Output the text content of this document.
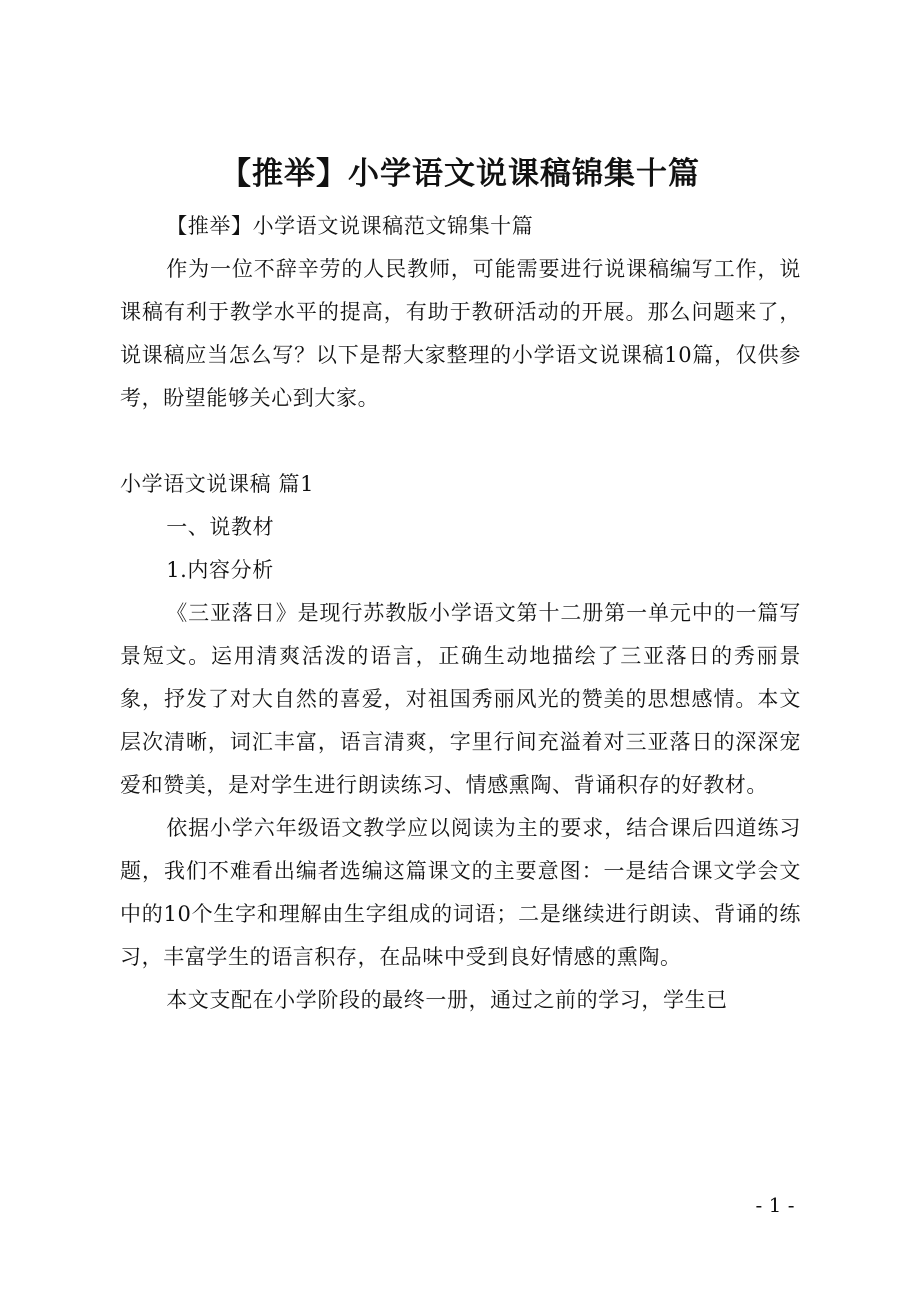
【推举】小学语文说课稿锦集十篇

【推举】小学语文说课稿范文锦集十篇

作为一位不辞辛劳的人民教师，可能需要进行说课稿编写工作，说课稿有利于教学水平的提高，有助于教研活动的开展。那么问题来了，说课稿应当怎么写？以下是帮大家整理的小学语文说课稿10篇，仅供参考，盼望能够关心到大家。

小学语文说课稿 篇1

一、说教材

1.内容分析

《三亚落日》是现行苏教版小学语文第十二册第一单元中的一篇写景短文。运用清爽活泼的语言，正确生动地描绘了三亚落日的秀丽景象，抒发了对大自然的喜爱，对祖国秀丽风光的赞美的思想感情。本文层次清晰，词汇丰富，语言清爽，字里行间充溢着对三亚落日的深深宠爱和赞美，是对学生进行朗读练习、情感熏陶、背诵积存的好教材。

依据小学六年级语文教学应以阅读为主的要求，结合课后四道练习题，我们不难看出编者选编这篇课文的主要意图：一是结合课文学会文中的10个生字和理解由生字组成的词语；二是继续进行朗读、背诵的练习，丰富学生的语言积存，在品味中受到良好情感的熏陶。

本文支配在小学阶段的最终一册，通过之前的学习，学生已

- 1 -
